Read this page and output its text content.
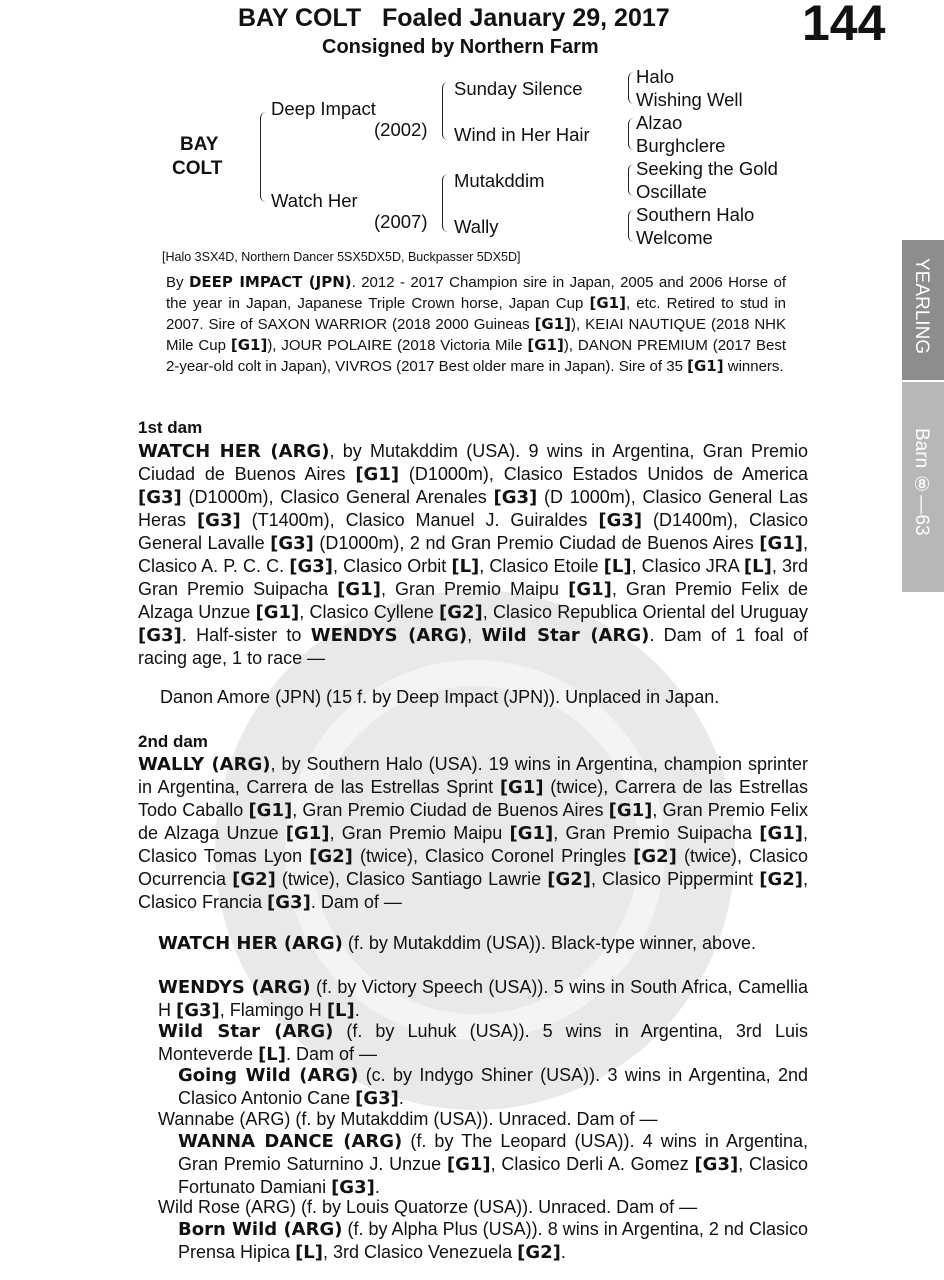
BAY COLT   Foaled January 29, 2017
Consigned by Northern Farm	144
BAY
COLT
Deep Impact
(2002)
Watch Her
(2007)
Sunday Silence
Wind in Her Hair
Mutakddim
Wally
Halo
Wishing Well
Alzao
Burghclere
Seeking the Gold
Oscillate
Southern Halo
Welcome
[Halo 3SX4D, Northern Dancer 5SX5DX5D, Buckpasser 5DX5D]
By DEEP IMPACT (JPN). 2012 - 2017 Champion sire in Japan, 2005 and 2006 Horse of the year in Japan, Japanese Triple Crown horse, Japan Cup [G1], etc. Retired to stud in 2007. Sire of SAXON WARRIOR (2018 2000 Guineas [G1]), KEIAI NAUTIQUE (2018 NHK Mile Cup [G1]), JOUR POLAIRE (2018 Victoria Mile [G1]), DANON PREMIUM (2017 Best 2-year-old colt in Japan), VIVROS (2017 Best older mare in Japan). Sire of 35 [G1] winners.
YEARLING
Barn ⑧—63
1st dam
WATCH HER (ARG), by Mutakddim (USA). 9 wins in Argentina, Gran Premio Ciudad de Buenos Aires [G1] (D1000m), Clasico Estados Unidos de America [G3] (D1000m), Clasico General Arenales [G3] (D 1000m), Clasico General Las Heras [G3] (T1400m), Clasico Manuel J. Guiraldes [G3] (D1400m), Clasico General Lavalle [G3] (D1000m), 2 nd Gran Premio Ciudad de Buenos Aires [G1], Clasico A. P. C. C. [G3], Clasico Orbit [L], Clasico Etoile [L], Clasico JRA [L], 3rd Gran Premio Suipacha [G1], Gran Premio Maipu [G1], Gran Premio Felix de Alzaga Unzue [G1], Clasico Cyllene [G2], Clasico Republica Oriental del Uruguay [G3]. Half-sister to WENDYS (ARG), Wild Star (ARG). Dam of 1 foal of racing age, 1 to race —
Danon Amore (JPN) (15 f. by Deep Impact (JPN)). Unplaced in Japan.
2nd dam
WALLY (ARG), by Southern Halo (USA). 19 wins in Argentina, champion sprinter in Argentina, Carrera de las Estrellas Sprint [G1] (twice), Carrera de las Estrellas Todo Caballo [G1], Gran Premio Ciudad de Buenos Aires [G1], Gran Premio Felix de Alzaga Unzue [G1], Gran Premio Maipu [G1], Gran Premio Suipacha [G1], Clasico Tomas Lyon [G2] (twice), Clasico Coronel Pringles [G2] (twice), Clasico Ocurrencia [G2] (twice), Clasico Santiago Lawrie [G2], Clasico Pippermint [G2], Clasico Francia [G3]. Dam of —
WATCH HER (ARG) (f. by Mutakddim (USA)). Black-type winner, above.
WENDYS (ARG) (f. by Victory Speech (USA)). 5 wins in South Africa, Camellia H [G3], Flamingo H [L].
Wild Star (ARG) (f. by Luhuk (USA)). 5 wins in Argentina, 3rd Luis Monteverde [L]. Dam of —
Going Wild (ARG) (c. by Indygo Shiner (USA)). 3 wins in Argentina, 2nd Clasico Antonio Cane [G3].
Wannabe (ARG) (f. by Mutakddim (USA)). Unraced. Dam of —
WANNA DANCE (ARG) (f. by The Leopard (USA)). 4 wins in Argentina, Gran Premio Saturnino J. Unzue [G1], Clasico Derli A. Gomez [G3], Clasico Fortunato Damiani [G3].
Wild Rose (ARG) (f. by Louis Quatorze (USA)). Unraced. Dam of —
Born Wild (ARG) (f. by Alpha Plus (USA)). 8 wins in Argentina, 2 nd Clasico Prensa Hipica [L], 3rd Clasico Venezuela [G2].
